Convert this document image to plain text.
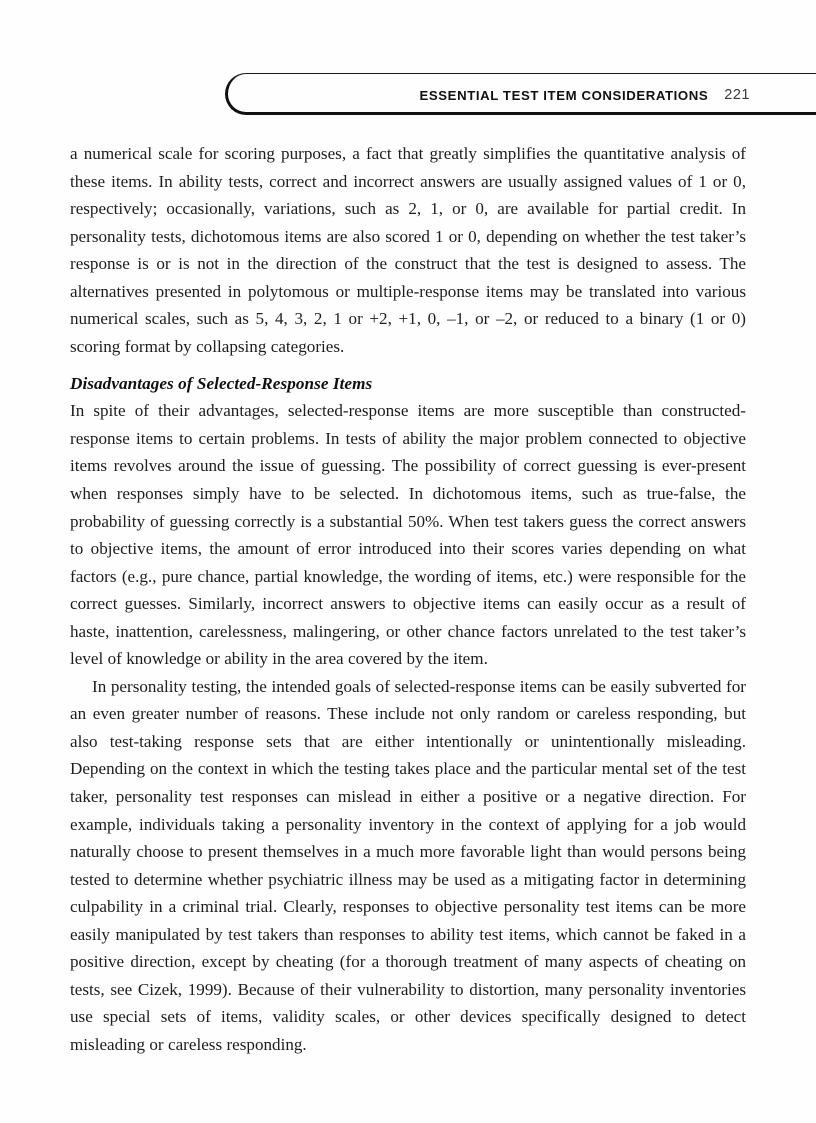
ESSENTIAL TEST ITEM CONSIDERATIONS 221

a numerical scale for scoring purposes, a fact that greatly simplifies the quantitative analysis of these items. In ability tests, correct and incorrect answers are usually assigned values of 1 or 0, respectively; occasionally, variations, such as 2, 1, or 0, are available for partial credit. In personality tests, dichotomous items are also scored 1 or 0, depending on whether the test taker’s response is or is not in the direction of the construct that the test is designed to assess. The alternatives presented in polytomous or multiple-response items may be translated into various numerical scales, such as 5, 4, 3, 2, 1 or +2, +1, 0, –1, or –2, or reduced to a binary (1 or 0) scoring format by collapsing categories.

Disadvantages of Selected-Response Items

In spite of their advantages, selected-response items are more susceptible than constructed-response items to certain problems. In tests of ability the major problem connected to objective items revolves around the issue of guessing. The possibility of correct guessing is ever-present when responses simply have to be selected. In dichotomous items, such as true-false, the probability of guessing correctly is a substantial 50%. When test takers guess the correct answers to objective items, the amount of error introduced into their scores varies depending on what factors (e.g., pure chance, partial knowledge, the wording of items, etc.) were responsible for the correct guesses. Similarly, incorrect answers to objective items can easily occur as a result of haste, inattention, carelessness, malingering, or other chance factors unrelated to the test taker’s level of knowledge or ability in the area covered by the item.

In personality testing, the intended goals of selected-response items can be easily subverted for an even greater number of reasons. These include not only random or careless responding, but also test-taking response sets that are either intentionally or unintentionally misleading. Depending on the context in which the testing takes place and the particular mental set of the test taker, personality test responses can mislead in either a positive or a negative direction. For example, individuals taking a personality inventory in the context of applying for a job would naturally choose to present themselves in a much more favorable light than would persons being tested to determine whether psychiatric illness may be used as a mitigating factor in determining culpability in a criminal trial. Clearly, responses to objective personality test items can be more easily manipulated by test takers than responses to ability test items, which cannot be faked in a positive direction, except by cheating (for a thorough treatment of many aspects of cheating on tests, see Cizek, 1999). Because of their vulnerability to distortion, many personality inventories use special sets of items, validity scales, or other devices specifically designed to detect misleading or careless responding.
